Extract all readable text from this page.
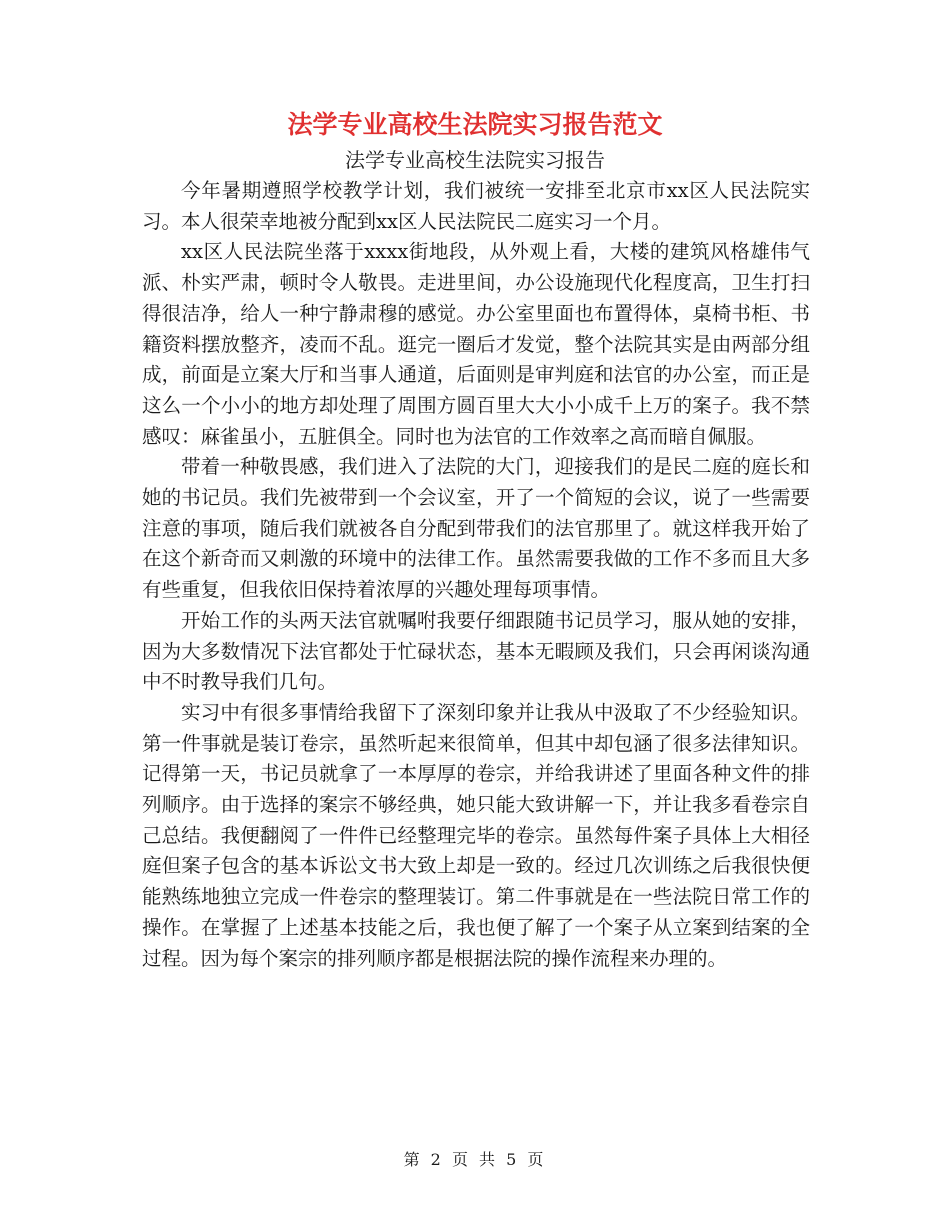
法学专业高校生法院实习报告范文
法学专业高校生法院实习报告

今年暑期遵照学校教学计划，我们被统一安排至北京市xx区人民法院实习。本人很荣幸地被分配到xx区人民法院民二庭实习一个月。

xx区人民法院坐落于xxxx街地段，从外观上看，大楼的建筑风格雄伟气派、朴实严肃，顿时令人敬畏。走进里间，办公设施现代化程度高，卫生打扫得很洁净，给人一种宁静肃穆的感觉。办公室里面也布置得体，桌椅书柜、书籍资料摆放整齐，凌而不乱。逛完一圈后才发觉，整个法院其实是由两部分组成，前面是立案大厅和当事人通道，后面则是审判庭和法官的办公室，而正是这么一个小小的地方却处理了周围方圆百里大大小小成千上万的案子。我不禁感叹：麻雀虽小，五脏俱全。同时也为法官的工作效率之高而暗自佩服。

带着一种敬畏感，我们进入了法院的大门，迎接我们的是民二庭的庭长和她的书记员。我们先被带到一个会议室，开了一个简短的会议，说了一些需要注意的事项，随后我们就被各自分配到带我们的法官那里了。就这样我开始了在这个新奇而又刺激的环境中的法律工作。虽然需要我做的工作不多而且大多有些重复，但我依旧保持着浓厚的兴趣处理每项事情。

开始工作的头两天法官就嘱咐我要仔细跟随书记员学习，服从她的安排，因为大多数情况下法官都处于忙碌状态，基本无暇顾及我们，只会再闲谈沟通中不时教导我们几句。

实习中有很多事情给我留下了深刻印象并让我从中汲取了不少经验知识。第一件事就是装订卷宗，虽然听起来很简单，但其中却包涵了很多法律知识。记得第一天，书记员就拿了一本厚厚的卷宗，并给我讲述了里面各种文件的排列顺序。由于选择的案宗不够经典，她只能大致讲解一下，并让我多看卷宗自己总结。我便翻阅了一件件已经整理完毕的卷宗。虽然每件案子具体上大相径庭但案子包含的基本诉讼文书大致上却是一致的。经过几次训练之后我很快便能熟练地独立完成一件卷宗的整理装订。第二件事就是在一些法院日常工作的操作。在掌握了上述基本技能之后，我也便了解了一个案子从立案到结案的全过程。因为每个案宗的排列顺序都是根据法院的操作流程来办理的。

第 2 页 共 5 页
